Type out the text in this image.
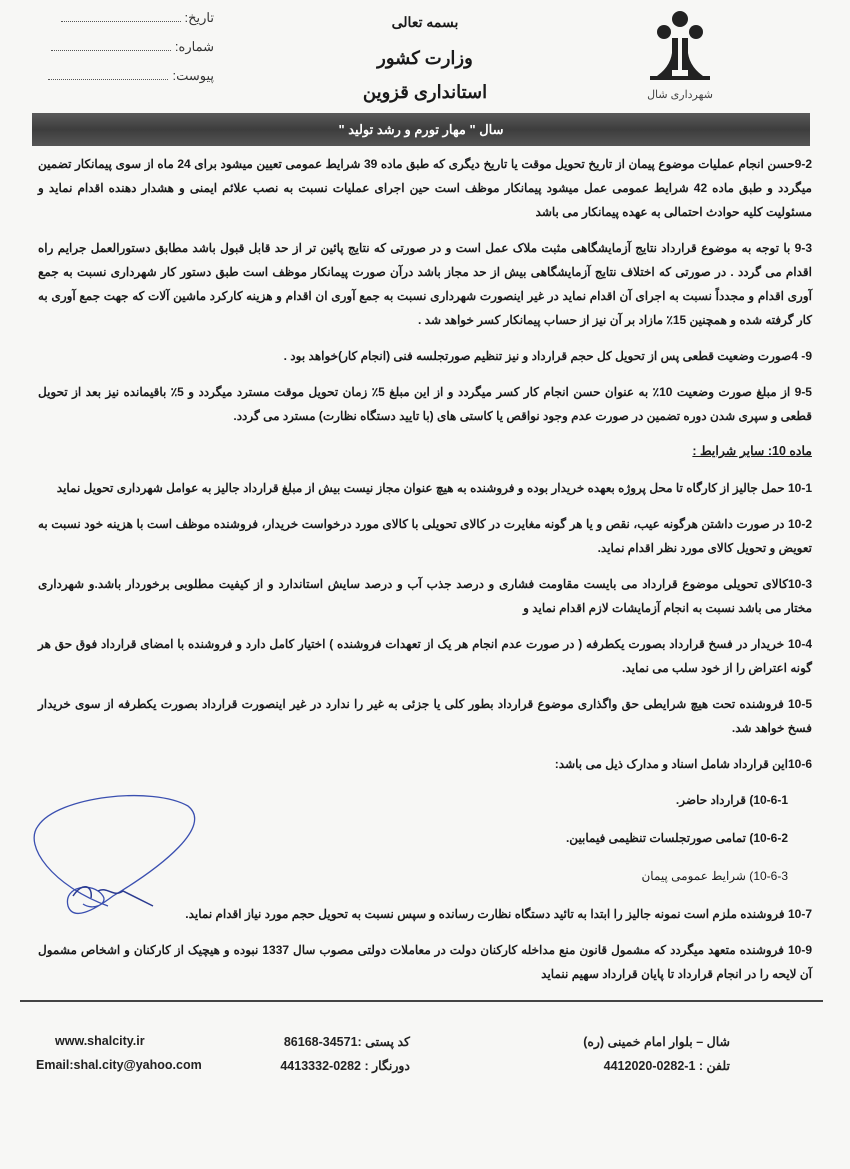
تاریخ:
شماره:
پیوست:
بسمه تعالی
وزارت کشور
استانداری قزوین	شهرداری شال
سال " مهار تورم و رشد تولید "
9-2حسن انجام عملیات موضوع پیمان از تاریخ تحویل موقت یا تاریخ دیگری که طبق ماده 39 شرایط عمومی تعیین میشود برای 24 ماه از سوی پیمانکار تضمین میگردد و طبق ماده 42 شرایط عمومی عمل میشود پیمانکار موظف است حین اجرای عملیات نسبت به نصب علائم ایمنی و هشدار دهنده اقدام نماید و مسئولیت کلیه حوادث احتمالی به عهده پیمانکار می باشد
9-3 با توجه به موضوع قرارداد نتایج آزمایشگاهی مثبت ملاک عمل است و در صورتی که نتایج پائین تر از حد قابل قبول باشد مطابق دستورالعمل جرایم راه اقدام می گردد . در صورتی که اختلاف نتایج آزمایشگاهی بیش از حد مجاز باشد درآن صورت پیمانکار موظف است طبق دستور کار شهرداری نسبت به جمع آوری اقدام و مجدداً نسبت به اجرای آن اقدام نماید در غیر اینصورت شهرداری نسبت به جمع آوری ان اقدام و هزینه کارکرد ماشین آلات که جهت جمع آوری به کار گرفته شده و همچنین 15٪ مازاد بر آن نیز از حساب پیمانکار کسر خواهد شد .
9- 4صورت وضعیت قطعی پس از تحویل کل حجم قرارداد و نیز تنظیم صورتجلسه فنی (انجام کار)خواهد بود .
9-5 از مبلغ صورت وضعیت 10٪ به عنوان حسن انجام کار کسر میگردد و از این مبلغ 5٪ زمان تحویل موقت مسترد میگردد و 5٪ باقیمانده نیز بعد از تحویل قطعی و سپری شدن دوره تضمین در صورت عدم وجود نواقص یا کاستی های (با تایید دستگاه نظارت) مسترد می گردد.
ماده 10: سایر شرایط :
10-1 حمل جالیز از کارگاه تا محل پروژه بعهده خریدار بوده و فروشنده به هیچ عنوان مجاز نیست بیش از مبلغ قرارداد جالیز به عوامل شهرداری تحویل نماید
10-2 در صورت داشتن هرگونه عیب، نقص و یا هر گونه مغایرت در کالای تحویلی با کالای مورد درخواست خریدار، فروشنده موظف است با هزینه خود نسبت به تعویض و تحویل کالای مورد نظر اقدام نماید.
10-3کالای تحویلی موضوع قرارداد می بایست مقاومت فشاری و درصد جذب آب و درصد سایش استاندارد و از کیفیت مطلوبی برخوردار باشد.و شهرداری مختار می باشد نسبت به انجام آزمایشات لازم اقدام نماید و
10-4 خریدار در فسخ قرارداد بصورت یکطرفه ( در صورت عدم انجام هر یک از تعهدات فروشنده ) اختیار کامل دارد و فروشنده با امضای قرارداد فوق حق هر گونه اعتراض را از خود سلب می نماید.
10-5 فروشنده تحت هیچ شرایطی حق واگذاری موضوع قرارداد بطور کلی یا جزئی به غیر را ندارد در غیر اینصورت قرارداد بصورت یکطرفه از سوی خریدار فسخ خواهد شد.
10-6این قرارداد شامل اسناد و مدارک ذیل می باشد:
10-6-1) قرارداد حاضر.
10-6-2) تمامی صورتجلسات تنظیمی فیمابین.
10-6-3) شرایط عمومی پیمان
10-7 فروشنده ملزم است نمونه جالیز را ابتدا به تائید دستگاه نظارت رسانده و سپس نسبت به تحویل حجم مورد نیاز اقدام نماید.
10-9 فروشنده متعهد میگردد که مشمول قانون منع مداخله کارکنان دولت در معاملات دولتی مصوب سال 1337 نبوده و هیچیک از کارکنان و اشخاص مشمول آن لایحه را در انجام قرارداد تا پایان قرارداد سهیم ننماید
www.shalcity.ir
Email:shal.city@yahoo.com
کد پستی :34571-86168
دورنگار : 0282-4413332
شال – بلوار امام خمینی (ره)
تلفن : 1-0282-4412020
